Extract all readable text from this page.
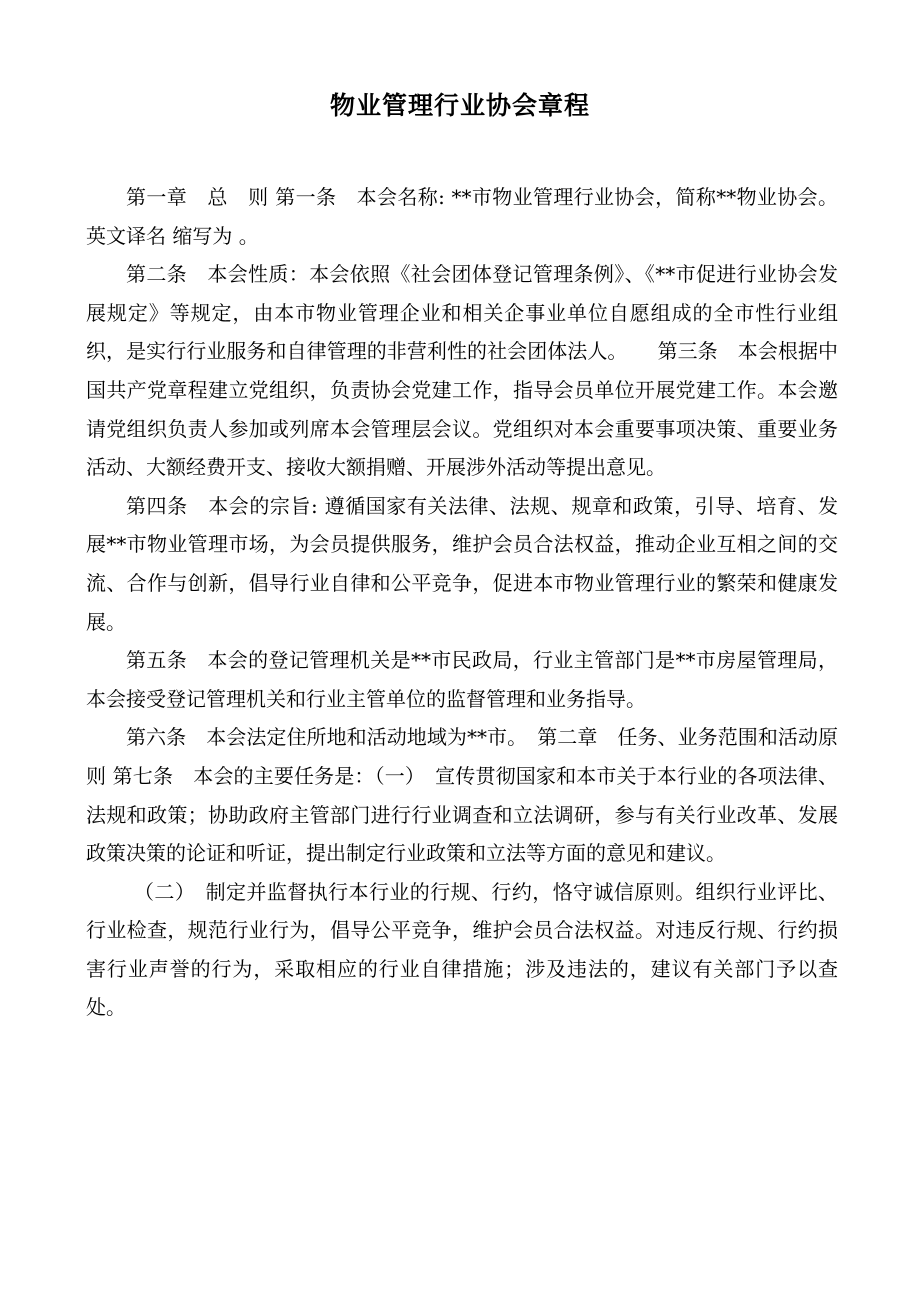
物业管理行业协会章程

第一章　总　则 第一条　本会名称: **市物业管理行业协会，简称**物业协会。英文译名 缩写为 。

第二条　本会性质：本会依照《社会团体登记管理条例》、《**市促进行业协会发展规定》等规定，由本市物业管理企业和相关企事业单位自愿组成的全市性行业组织，是实行行业服务和自律管理的非营利性的社会团体法人。　　第三条　本会根据中国共产党章程建立党组织，负责协会党建工作，指导会员单位开展党建工作。本会邀请党组织负责人参加或列席本会管理层会议。党组织对本会重要事项决策、重要业务活动、大额经费开支、接收大额捐赠、开展涉外活动等提出意见。

第四条　本会的宗旨: 遵循国家有关法律、法规、规章和政策，引导、培育、发展**市物业管理市场，为会员提供服务，维护会员合法权益，推动企业互相之间的交流、合作与创新，倡导行业自律和公平竞争，促进本市物业管理行业的繁荣和健康发展。

第五条　本会的登记管理机关是**市民政局，行业主管部门是**市房屋管理局，本会接受登记管理机关和行业主管单位的监督管理和业务指导。

第六条　本会法定住所地和活动地域为**市。　第二章　任务、业务范围和活动原则 第七条　本会的主要任务是：（一）　宣传贯彻国家和本市关于本行业的各项法律、法规和政策；协助政府主管部门进行行业调查和立法调研，参与有关行业改革、发展政策决策的论证和听证，提出制定行业政策和立法等方面的意见和建议。

（二）　制定并监督执行本行业的行规、行约，恪守诚信原则。组织行业评比、行业检查，规范行业行为，倡导公平竞争，维护会员合法权益。对违反行规、行约损害行业声誉的行为，采取相应的行业自律措施；涉及违法的，建议有关部门予以查处。
